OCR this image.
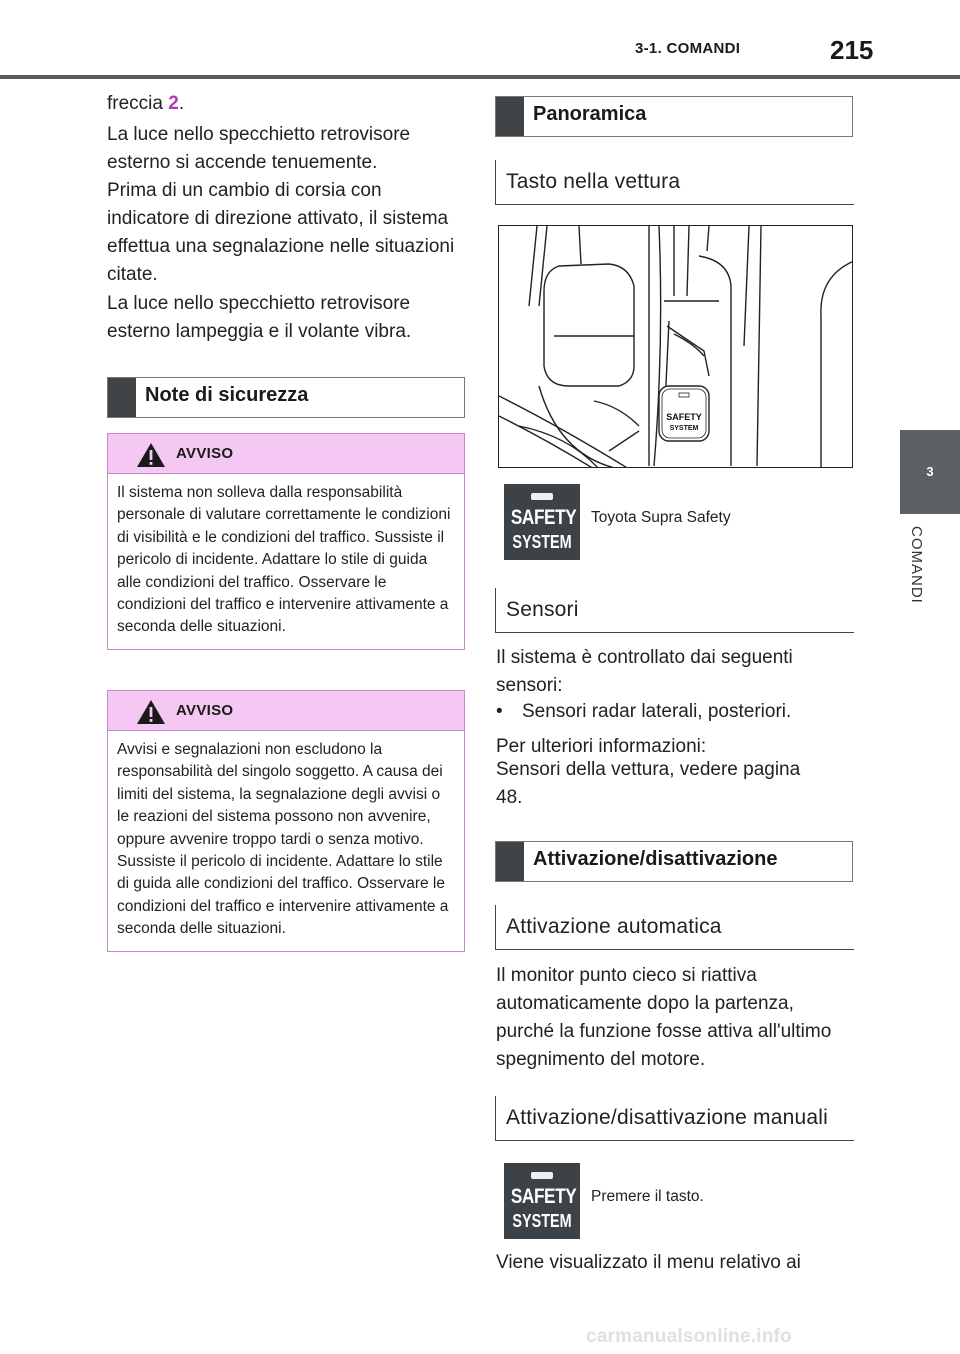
3-1. COMANDI	215
3
COMANDI
freccia 2.
La luce nello specchietto retrovisore esterno si accende tenuemente.
Prima di un cambio di corsia con indicatore di direzione attivato, il sistema effettua una segnalazione nelle situazioni citate.
La luce nello specchietto retrovisore esterno lampeggia e il volante vibra.
Note di sicurezza
AVVISO
Il sistema non solleva dalla responsabilità personale di valutare correttamente le condizioni di visibilità e le condizioni del traffico. Sussiste il pericolo di incidente. Adattare lo stile di guida alle condizioni del traffico. Osservare le condizioni del traffico e intervenire attivamente a seconda delle situazioni.
AVVISO
Avvisi e segnalazioni non escludono la responsabilità del singolo soggetto. A causa dei limiti del sistema, la segnalazione degli avvisi o le reazioni del sistema possono non avvenire, oppure avvenire troppo tardi o senza motivo. Sussiste il pericolo di incidente. Adattare lo stile di guida alle condizioni del traffico. Osservare le condizioni del traffico e intervenire attivamente a seconda delle situazioni.
Panoramica
Tasto nella vettura
SAFETY
SYSTEM
SAFETY
SYSTEM
Toyota Supra Safety
Sensori
Il sistema è controllato dai seguenti sensori:
• Sensori radar laterali, posteriori.
Per ulteriori informazioni:
Sensori della vettura, vedere pagina 48.
Attivazione/disattivazione
Attivazione automatica
Il monitor punto cieco si riattiva automaticamente dopo la partenza, purché la funzione fosse attiva all'ultimo spegnimento del motore.
Attivazione/disattivazione manuali
SAFETY
SYSTEM
Premere il tasto.
Viene visualizzato il menu relativo ai
carmanualsonline.info
